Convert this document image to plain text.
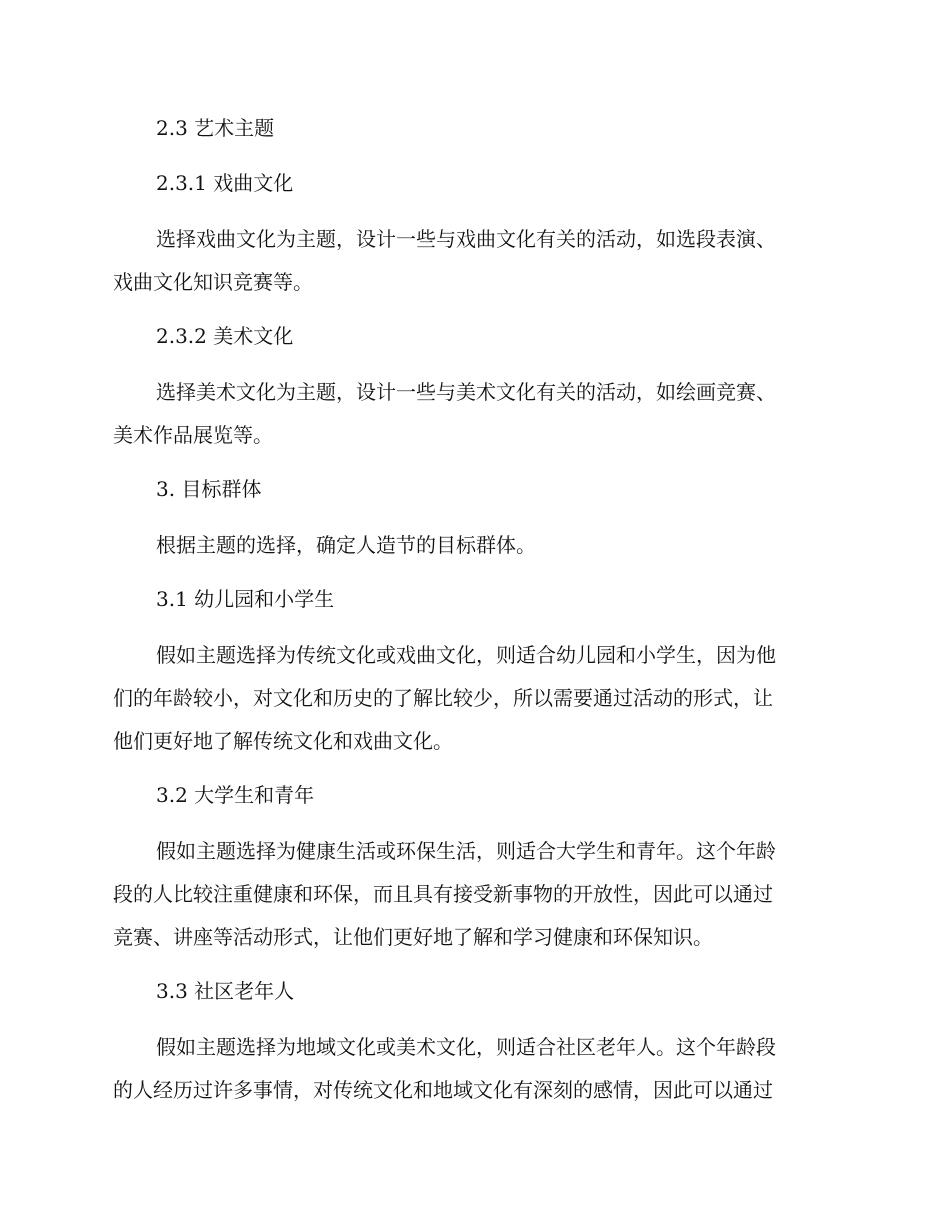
2.3 艺术主题
2.3.1 戏曲文化

选择戏曲文化为主题，设计一些与戏曲文化有关的活动，如选段表演、
戏曲文化知识竞赛等。

2.3.2 美术文化

选择美术文化为主题，设计一些与美术文化有关的活动，如绘画竞赛、
美术作品展览等。

3. 目标群体

根据主题的选择，确定人造节的目标群体。

3.1 幼儿园和小学生

假如主题选择为传统文化或戏曲文化，则适合幼儿园和小学生，因为他
们的年龄较小，对文化和历史的了解比较少，所以需要通过活动的形式，让
他们更好地了解传统文化和戏曲文化。

3.2 大学生和青年

假如主题选择为健康生活或环保生活，则适合大学生和青年。这个年龄
段的人比较注重健康和环保，而且具有接受新事物的开放性，因此可以通过
竞赛、讲座等活动形式，让他们更好地了解和学习健康和环保知识。

3.3 社区老年人

假如主题选择为地域文化或美术文化，则适合社区老年人。这个年龄段
的人经历过许多事情，对传统文化和地域文化有深刻的感情，因此可以通过
